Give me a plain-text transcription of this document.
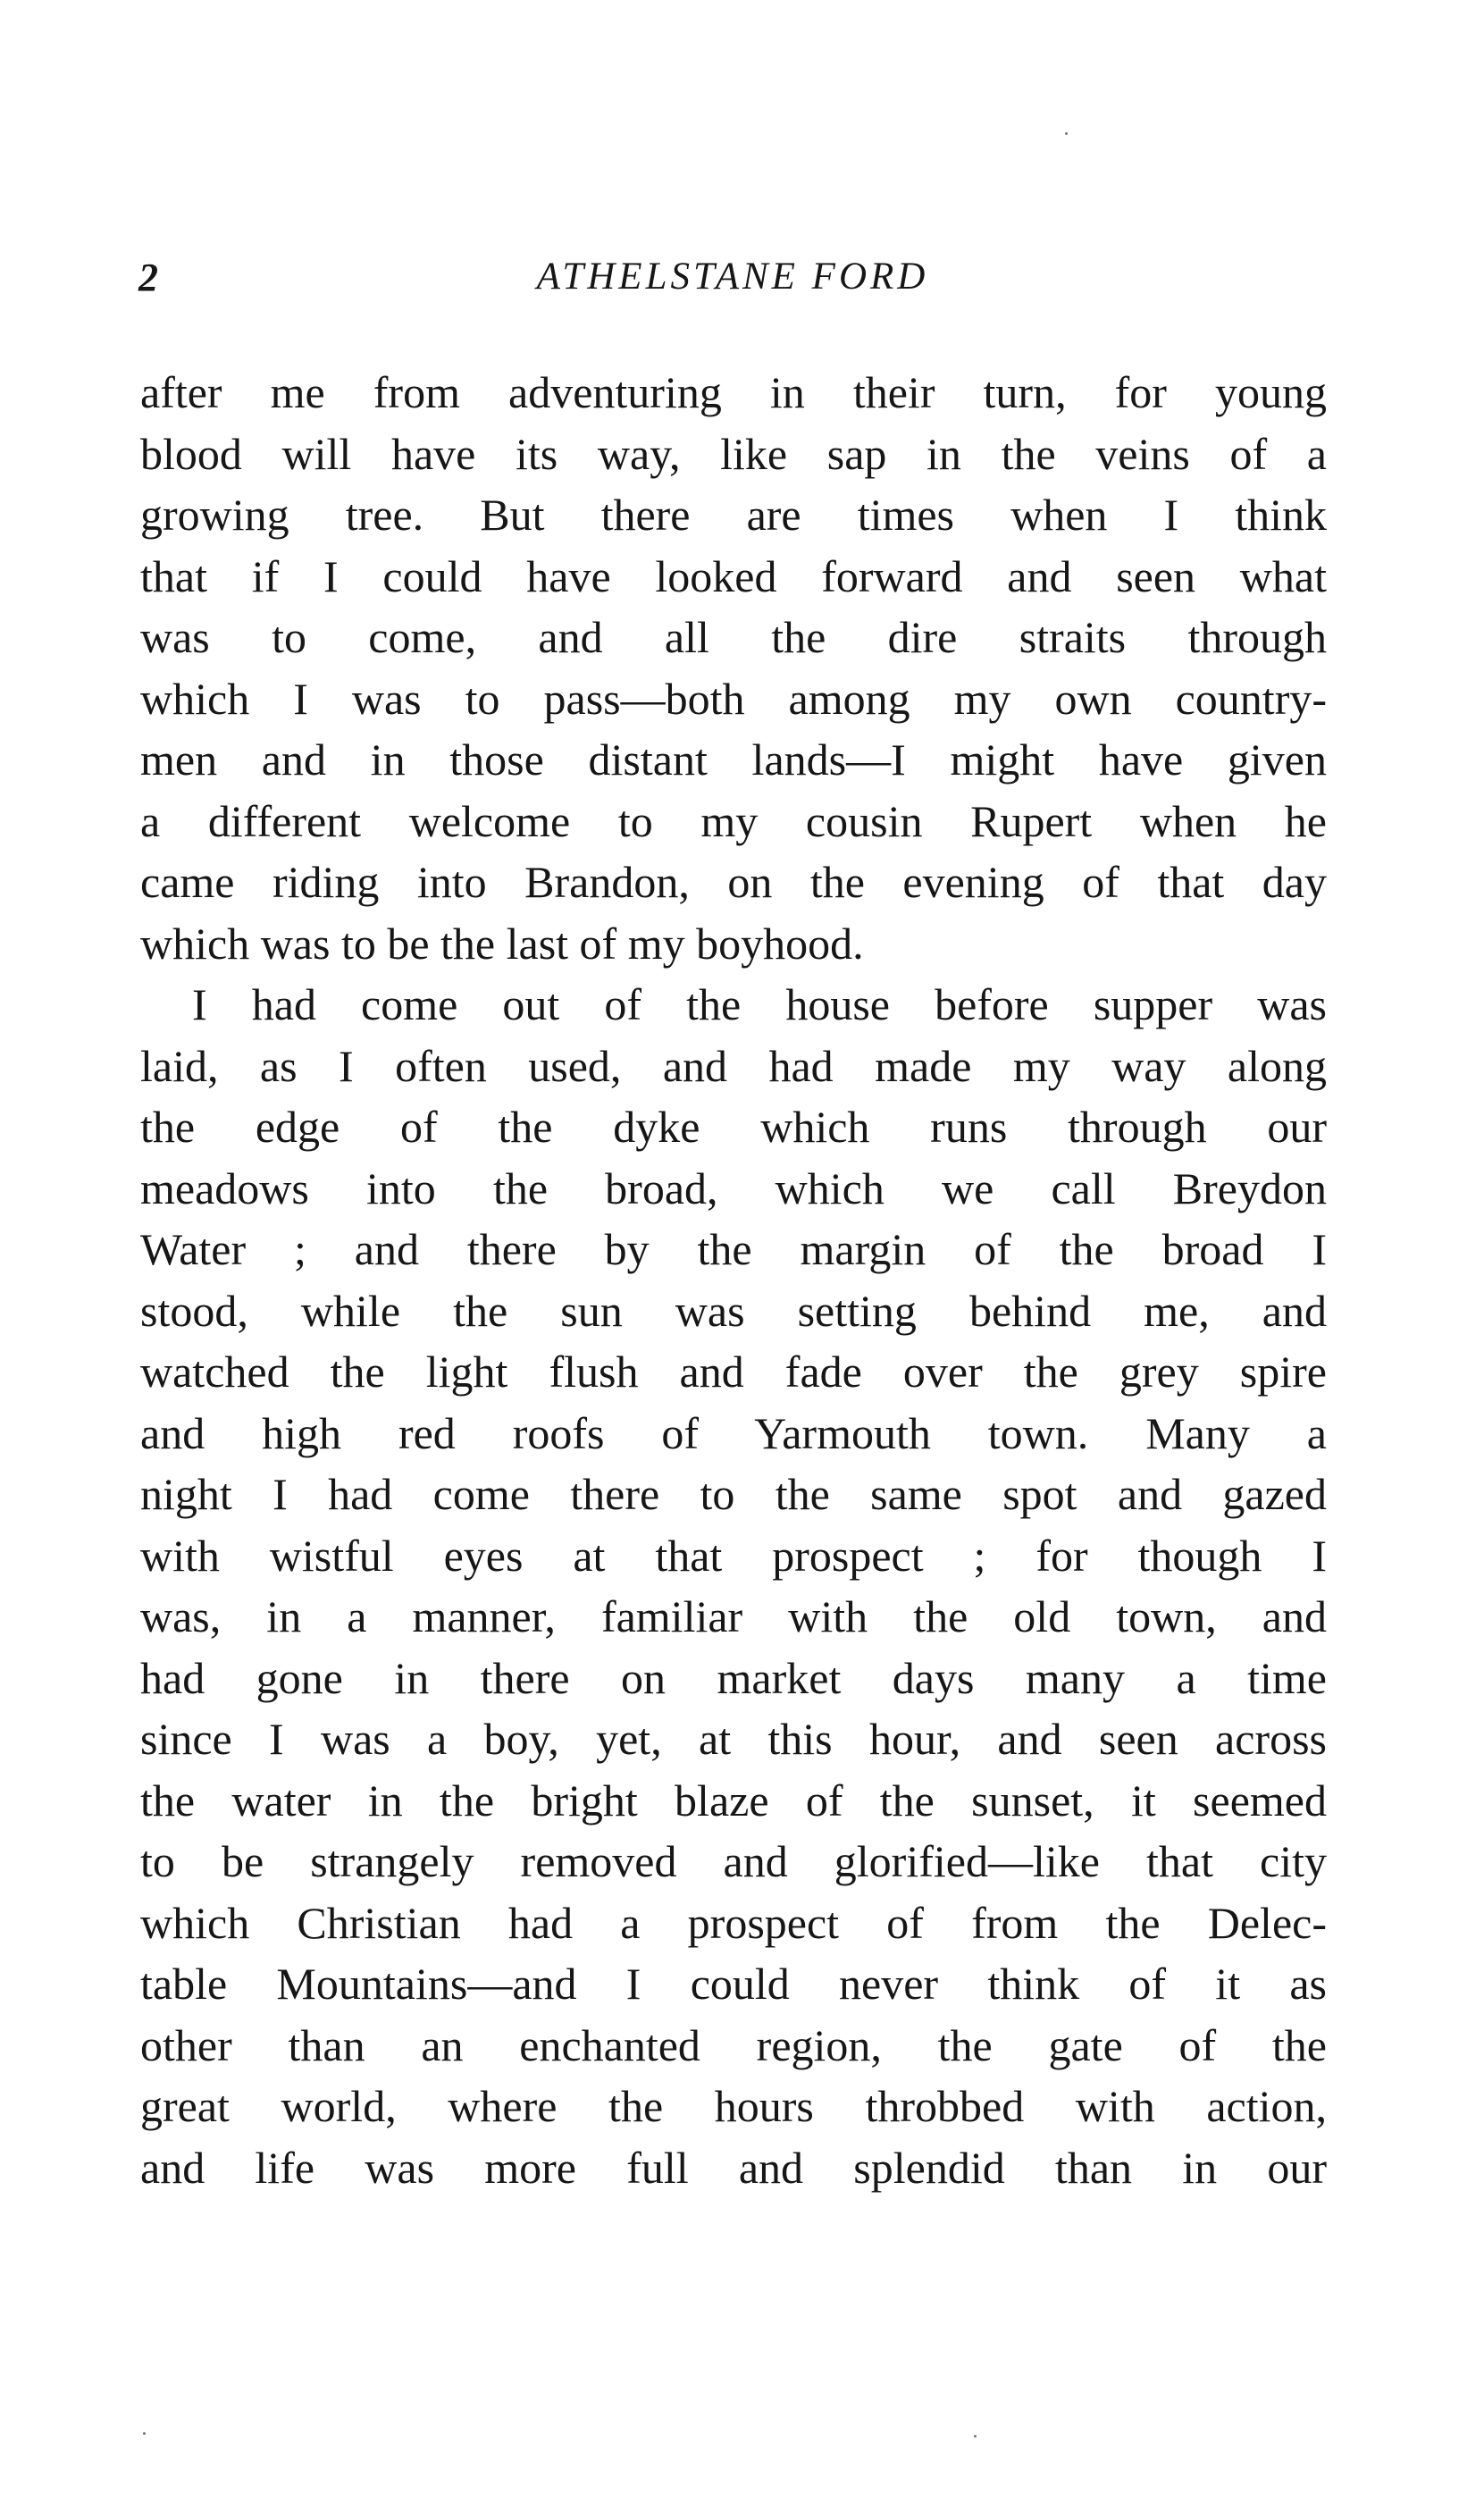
2	ATHELSTANE FORD
after me from adventuring in their turn, for young
blood will have its way, like sap in the veins of a
growing tree. But there are times when I think
that if I could have looked forward and seen what
was to come, and all the dire straits through
which I was to pass—both among my own country-
men and in those distant lands—I might have given
a different welcome to my cousin Rupert when he
came riding into Brandon, on the evening of that day
which was to be the last of my boyhood.
I had come out of the house before supper was
laid, as I often used, and had made my way along
the edge of the dyke which runs through our
meadows into the broad, which we call Breydon
Water ; and there by the margin of the broad I
stood, while the sun was setting behind me, and
watched the light flush and fade over the grey spire
and high red roofs of Yarmouth town. Many a
night I had come there to the same spot and gazed
with wistful eyes at that prospect ; for though I
was, in a manner, familiar with the old town, and
had gone in there on market days many a time
since I was a boy, yet, at this hour, and seen across
the water in the bright blaze of the sunset, it seemed
to be strangely removed and glorified—like that city
which Christian had a prospect of from the Delec-
table Mountains—and I could never think of it as
other than an enchanted region, the gate of the
great world, where the hours throbbed with action,
and life was more full and splendid than in our
